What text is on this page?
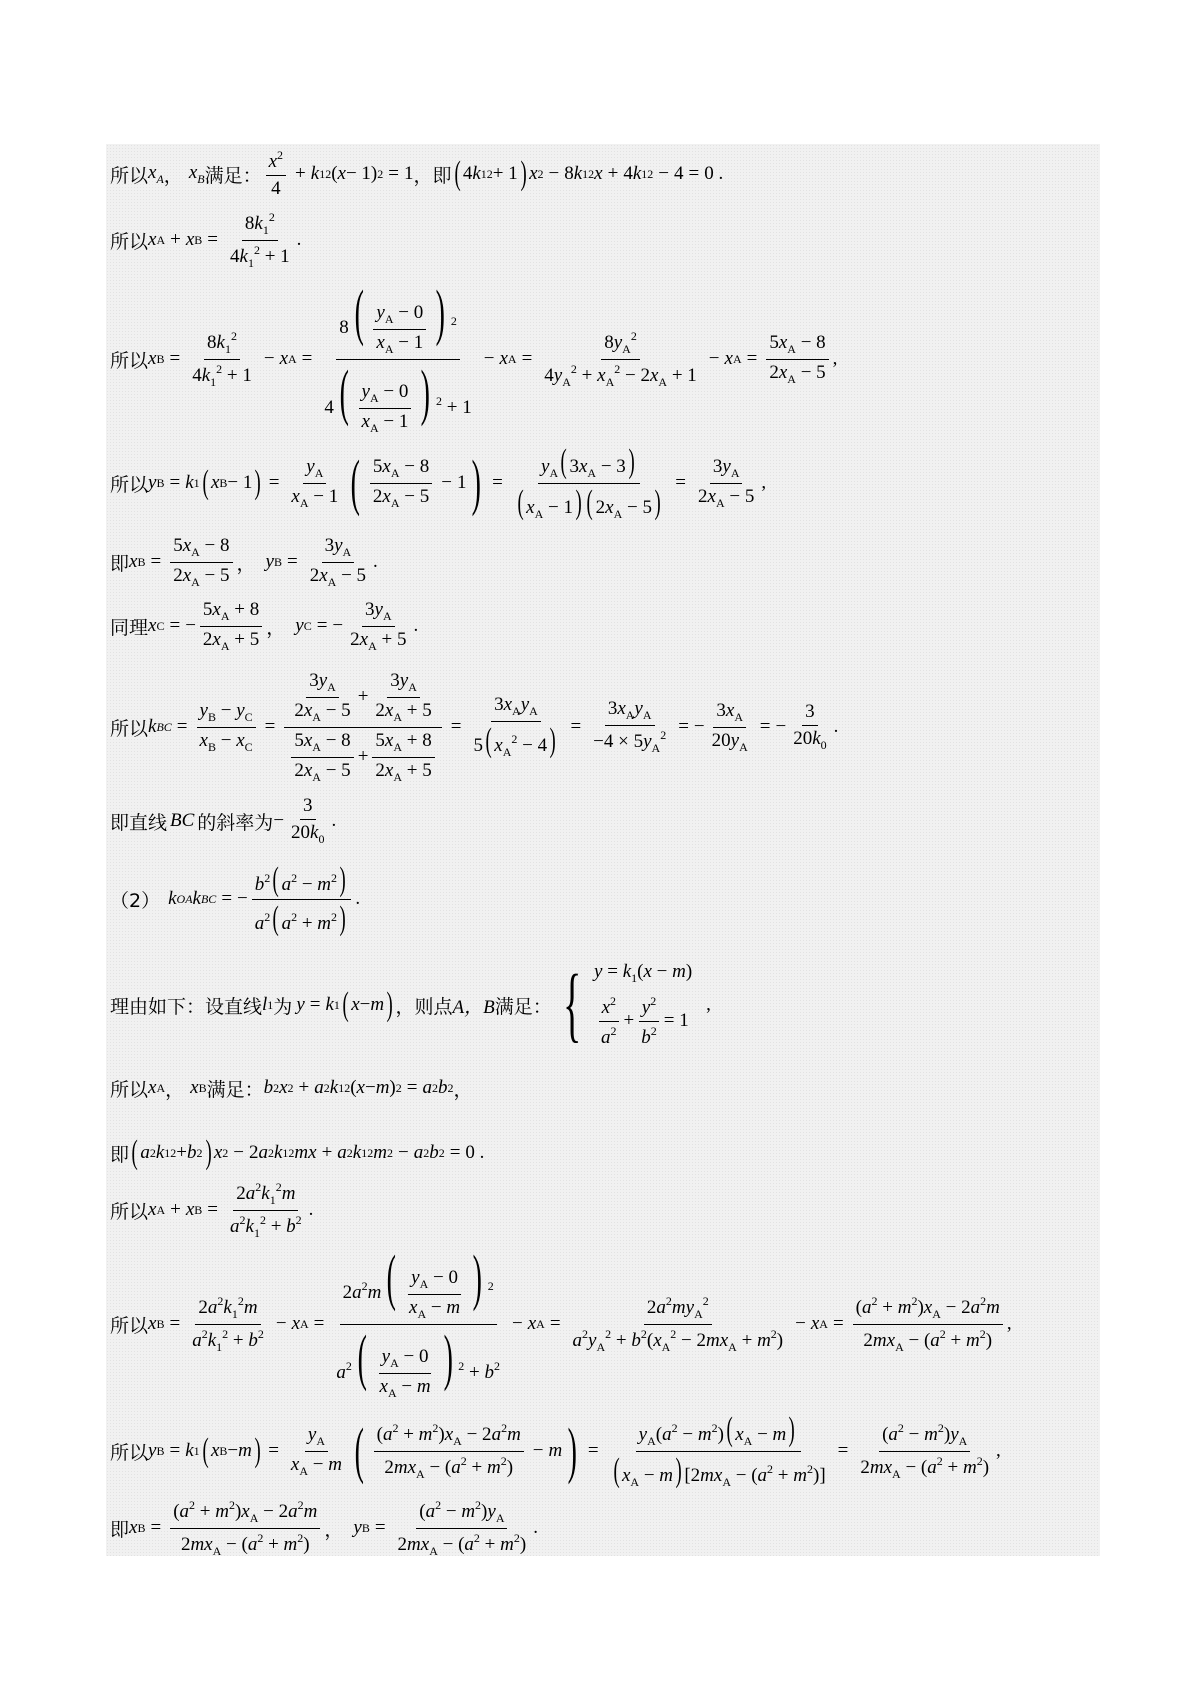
所以 $x_A$ ， $x_B$ 满足： $\frac{x^2}{4} + k$ 1 2 ( x − 1) 2 = 1 ，即 ( 4 k 1 2 + 1 ) x 2 − 8 k 1 2 x + 4 k 1 2 − 4 = 0 .
所以 x A + x $B = \frac{8k_1^2}{4k_1^2 + 1}$ .
所以 x $B = \frac{8k_1^2}{4k_1^2 + 1} - x$ $A = \frac{8( \frac{y_A - 0}{x_A - 1} ) ^2}{4( \frac{y_A - 0}{x_A - 1} ) ^2 + 1} - x$ $A = \frac{8y_A^2}{4y_A^2 + x_A^2 - 2x_A + 1} - x$ $A = \frac{5x_A - 8}{2x_A - 5}$ ,
所以 y B = k 1 ( x B − 1 ) = $\frac{y_A}{x_A - 1}$ ( $\frac{5x_A - 8}{2x_A - 5} - 1$ ) = $\frac{y_A( 3x_A - 3)}{( x_A - 1) ( 2x_A - 5)} = \frac{3y_A}{2x_A - 5}$ ,
即 x $B = \frac{5x_A - 8}{2x_A - 5}$ ， y $B = \frac{3y_A}{2x_A - 5}$ .
同理 x C = − $\frac{5x_A + 8}{2x_A + 5}$ ， y C = − $\frac{3y_A}{2x_A + 5}$ .
所以 k BC = $\frac{y_B - y_C}{x_B - x_C} = \frac{\frac{3y_A}{2x_A - 5} + \frac{3y_A}{2x_A + 5}}{\frac{5x_A - 8}{2x_A - 5} + \frac{5x_A + 8}{2x_A + 5}} = \frac{3x_Ay_A}{5( x_A^2 - 4)} = \frac{3x_Ay_A}{-4 \times 5y_A^2}$ = − $\frac{3x_A}{20y_A}$ = − $\frac{3}{20k_0}$ .
即直线 BC 的斜率为 − $\frac{3}{20k_0}$ .
（2） k OA k BC = − $\frac{b^2( a^2 - m^2)}{a^2( a^2 + m^2)}$ .
理由如下：设直线 l 1 为 y = k 1 ( x − m ) ，则点 A，B 满足： { $y = k_1(x - m)$
$\frac{x^2}{a^2} + \frac{y^2}{b^2} = 1$
,
所以 x A ， x B 满足： b 2 x 2 + a 2 k 1 2 ( x − m ) 2 = a 2 b 2 ，
即 ( a 2 k 1 2 + b 2 ) x 2 − 2 a 2 k 1 2 mx + a 2 k 1 2 m 2 − a 2 b 2 = 0 .
所以 x A + x $B = \frac{2a^2k_1^2m}{a^2k_1^2 + b^2}$ .
所以 x $B = \frac{2a^2k_1^2m}{a^2k_1^2 + b^2} - x$ $A = \frac{2a^2m( \frac{y_A - 0}{x_A - m} ) ^2}{a^2( \frac{y_A - 0}{x_A - m} ) ^2 + b^2} - x$ $A = \frac{2a^2my_A^2}{a^2y_A^2 + b^2(x_A^2 - 2mx_A + m^2)} - x$ $A = \frac{(a^2 + m^2)x_A - 2a^2m}{2mx_A - (a^2 + m^2)}$ ,
所以 y B = k 1 ( x B − m ) = $\frac{y_A}{x_A - m}$ ( $\frac{(a^2 + m^2)x_A - 2a^2m}{2mx_A - (a^2 + m^2)} - m$ ) = $\frac{y_A(a^2 - m^2)( x_A - m)}{( x_A - m) [2mx_A - (a^2 + m^2)]} = \frac{(a^2 - m^2)y_A}{2mx_A - (a^2 + m^2)}$ ,
即 x $B = \frac{(a^2 + m^2)x_A - 2a^2m}{2mx_A - (a^2 + m^2)}$ ， y $B = \frac{(a^2 - m^2)y_A}{2mx_A - (a^2 + m^2)}$ .
